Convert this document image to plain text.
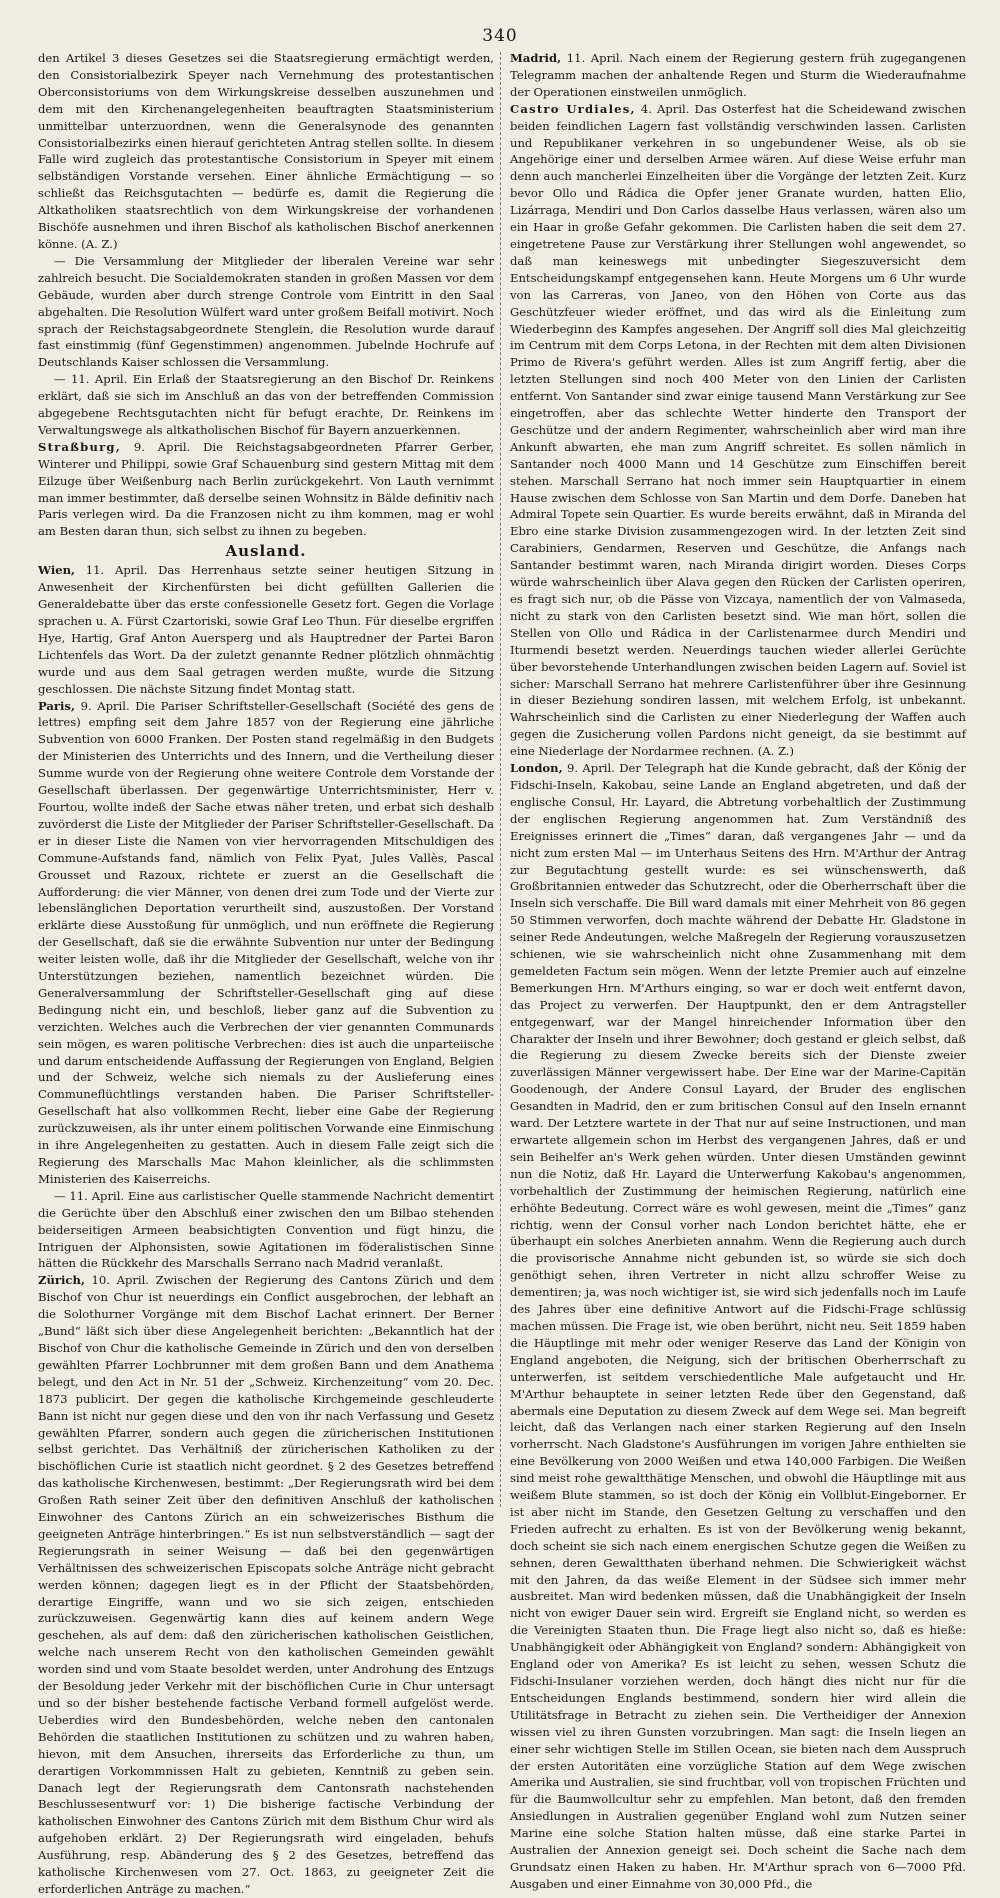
340

den Artikel 3 dieses Gesetzes sei die Staatsregierung ermächtigt werden, den Consistorialbezirk Speyer nach Vernehmung des protestantischen Oberconsistoriums von dem Wirkungskreise desselben auszunehmen und dem mit den Kirchenangelegenheiten beauftragten Staatsministerium unmittelbar unterzuordnen, wenn die Generalsynode des genannten Consistorialbezirks einen hierauf gerichteten Antrag stellen sollte. In diesem Falle wird zugleich das protestantische Consistorium in Speyer mit einem selbständigen Vorstande versehen. Einer ähnliche Ermächtigung — so schließt das Reichsgutachten — bedürfe es, damit die Regierung die Altkatholiken staatsrechtlich von dem Wirkungskreise der vorhandenen Bischöfe ausnehmen und ihren Bischof als katholischen Bischof anerkennen könne. (A. Z.)

— Die Versammlung der Mitglieder der liberalen Vereine war sehr zahlreich besucht. Die Socialdemokraten standen in großen Massen vor dem Gebäude, wurden aber durch strenge Controle vom Eintritt in den Saal abgehalten. Die Resolution Wülfert ward unter großem Beifall motivirt. Noch sprach der Reichstagsabgeordnete Stenglein, die Resolution wurde darauf fast einstimmig (fünf Gegenstimmen) angenommen. Jubelnde Hochrufe auf Deutschlands Kaiser schlossen die Versammlung.

— 11. April. Ein Erlaß der Staatsregierung an den Bischof Dr. Reinkens erklärt, daß sie sich im Anschluß an das von der betreffenden Commission abgegebene Rechtsgutachten nicht für befugt erachte, Dr. Reinkens im Verwaltungswege als altkatholischen Bischof für Bayern anzuerkennen.

Straßburg, 9. April. Die Reichstagsabgeordneten Pfarrer Gerber, Winterer und Philippi, sowie Graf Schauenburg sind gestern Mittag mit dem Eilzuge über Weißenburg nach Berlin zurückgekehrt. Von Lauth vernimmt man immer bestimmter, daß derselbe seinen Wohnsitz in Bälde definitiv nach Paris verlegen wird. Da die Franzosen nicht zu ihm kommen, mag er wohl am Besten daran thun, sich selbst zu ihnen zu begeben.

Ausland.

Wien, 11. April. Das Herrenhaus setzte seiner heutigen Sitzung in Anwesenheit der Kirchenfürsten bei dicht gefüllten Gallerien die Generaldebatte über das erste confessionelle Gesetz fort. Gegen die Vorlage sprachen u. A. Fürst Czartoriski, sowie Graf Leo Thun. Für dieselbe ergriffen Hye, Hartig, Graf Anton Auersperg und als Hauptredner der Partei Baron Lichtenfels das Wort. Da der zuletzt genannte Redner plötzlich ohnmächtig wurde und aus dem Saal getragen werden mußte, wurde die Sitzung geschlossen. Die nächste Sitzung findet Montag statt.

Paris, 9. April. Die Pariser Schriftsteller-Gesellschaft (Société des gens de lettres) empfing seit dem Jahre 1857 von der Regierung eine jährliche Subvention von 6000 Franken. Der Posten stand regelmäßig in den Budgets der Ministerien des Unterrichts und des Innern, und die Vertheilung dieser Summe wurde von der Regierung ohne weitere Controle dem Vorstande der Gesellschaft überlassen. Der gegenwärtige Unterrichtsminister, Herr v. Fourtou, wollte indeß der Sache etwas näher treten, und erbat sich deshalb zuvörderst die Liste der Mitglieder der Pariser Schriftsteller-Gesellschaft. Da er in dieser Liste die Namen von vier hervorragenden Mitschuldigen des Commune-Aufstands fand, nämlich von Felix Pyat, Jules Vallès, Pascal Grousset und Razoux, richtete er zuerst an die Gesellschaft die Aufforderung: die vier Männer, von denen drei zum Tode und der Vierte zur lebenslänglichen Deportation verurtheilt sind, auszustoßen. Der Vorstand erklärte diese Ausstoßung für unmöglich, und nun eröffnete die Regierung der Gesellschaft, daß sie die erwähnte Subvention nur unter der Bedingung weiter leisten wolle, daß ihr die Mitglieder der Gesellschaft, welche von ihr Unterstützungen beziehen, namentlich bezeichnet würden. Die Generalversammlung der Schriftsteller-Gesellschaft ging auf diese Bedingung nicht ein, und beschloß, lieber ganz auf die Subvention zu verzichten. Welches auch die Verbrechen der vier genannten Communards sein mögen, es waren politische Verbrechen: dies ist auch die unparteiische und darum entscheidende Auffassung der Regierungen von England, Belgien und der Schweiz, welche sich niemals zu der Auslieferung eines Communeflüchtlings verstanden haben. Die Pariser Schriftsteller-Gesellschaft hat also vollkommen Recht, lieber eine Gabe der Regierung zurückzuweisen, als ihr unter einem politischen Vorwande eine Einmischung in ihre Angelegenheiten zu gestatten. Auch in diesem Falle zeigt sich die Regierung des Marschalls Mac Mahon kleinlicher, als die schlimmsten Ministerien des Kaiserreichs.

— 11. April. Eine aus carlistischer Quelle stammende Nachricht dementirt die Gerüchte über den Abschluß einer zwischen den um Bilbao stehenden beiderseitigen Armeen beabsichtigten Convention und fügt hinzu, die Intriguen der Alphonsisten, sowie Agitationen im föderalistischen Sinne hätten die Rückkehr des Marschalls Serrano nach Madrid veranlaßt.

Zürich, 10. April. Zwischen der Regierung des Cantons Zürich und dem Bischof von Chur ist neuerdings ein Conflict ausgebrochen, der lebhaft an die Solothurner Vorgänge mit dem Bischof Lachat erinnert. Der Berner „Bund“ läßt sich über diese Angelegenheit berichten: „Bekanntlich hat der Bischof von Chur die katholische Gemeinde in Zürich und den von derselben gewählten Pfarrer Lochbrunner mit dem großen Bann und dem Anathema belegt, und den Act in Nr. 51 der „Schweiz. Kirchenzeitung“ vom 20. Dec. 1873 publicirt. Der gegen die katholische Kirchgemeinde geschleuderte Bann ist nicht nur gegen diese und den von ihr nach Verfassung und Gesetz gewählten Pfarrer, sondern auch gegen die züricherischen Institutionen selbst gerichtet. Das Verhältniß der züricherischen Katholiken zu der bischöflichen Curie ist staatlich nicht geordnet. § 2 des Gesetzes betreffend das katholische Kirchenwesen, bestimmt: „Der Regierungsrath wird bei dem Großen Rath seiner Zeit über den definitiven Anschluß der katholischen Einwohner des Cantons Zürich an ein schweizerisches Bisthum die geeigneten Anträge hinterbringen.“ Es ist nun selbstverständlich — sagt der Regierungsrath in seiner Weisung — daß bei den gegenwärtigen Verhältnissen des schweizerischen Episcopats solche Anträge nicht gebracht werden können; dagegen liegt es in der Pflicht der Staatsbehörden, derartige Eingriffe, wann und wo sie sich zeigen, entschieden zurückzuweisen. Gegenwärtig kann dies auf keinem andern Wege geschehen, als auf dem: daß den züricherischen katholischen Geistlichen, welche nach unserem Recht von den katholischen Gemeinden gewählt worden sind und vom Staate besoldet werden, unter Androhung des Entzugs der Besoldung jeder Verkehr mit der bischöflichen Curie in Chur untersagt und so der bisher bestehende factische Verband formell aufgelöst werde. Ueberdies wird den Bundesbehörden, welche neben den cantonalen Behörden die staatlichen Institutionen zu schützen und zu wahren haben, hievon, mit dem Ansuchen, ihrerseits das Erforderliche zu thun, um derartigen Vorkommnissen Halt zu gebieten, Kenntniß zu geben sein. Danach legt der Regierungsrath dem Cantonsrath nachstehenden Beschlussesentwurf vor: 1) Die bisherige factische Verbindung der katholischen Einwohner des Cantons Zürich mit dem Bisthum Chur wird als aufgehoben erklärt. 2) Der Regierungsrath wird eingeladen, behufs Ausführung, resp. Abänderung des § 2 des Gesetzes, betreffend das katholische Kirchenwesen vom 27. Oct. 1863, zu geeigneter Zeit die erforderlichen Anträge zu machen.“

Madrid, 11. April. Nach einem der Regierung gestern früh zugegangenen Telegramm machen der anhaltende Regen und Sturm die Wiederaufnahme der Operationen einstweilen unmöglich.

Castro Urdiales, 4. April. Das Osterfest hat die Scheidewand zwischen beiden feindlichen Lagern fast vollständig verschwinden lassen. Carlisten und Republikaner verkehren in so ungebundener Weise, als ob sie Angehörige einer und derselben Armee wären. Auf diese Weise erfuhr man denn auch mancherlei Einzelheiten über die Vorgänge der letzten Zeit. Kurz bevor Ollo und Rádica die Opfer jener Granate wurden, hatten Elio, Lizárraga, Mendiri und Don Carlos dasselbe Haus verlassen, wären also um ein Haar in große Gefahr gekommen. Die Carlisten haben die seit dem 27. eingetretene Pause zur Verstärkung ihrer Stellungen wohl angewendet, so daß man keineswegs mit unbedingter Siegeszuversicht dem Entscheidungskampf entgegensehen kann. Heute Morgens um 6 Uhr wurde von las Carreras, von Janeo, von den Höhen von Corte aus das Geschützfeuer wieder eröffnet, und das wird als die Einleitung zum Wiederbeginn des Kampfes angesehen. Der Angriff soll dies Mal gleichzeitig im Centrum mit dem Corps Letona, in der Rechten mit dem alten Divisionen Primo de Rivera's geführt werden. Alles ist zum Angriff fertig, aber die letzten Stellungen sind noch 400 Meter von den Linien der Carlisten entfernt. Von Santander sind zwar einige tausend Mann Verstärkung zur See eingetroffen, aber das schlechte Wetter hinderte den Transport der Geschütze und der andern Regimenter, wahrscheinlich aber wird man ihre Ankunft abwarten, ehe man zum Angriff schreitet. Es sollen nämlich in Santander noch 4000 Mann und 14 Geschütze zum Einschiffen bereit stehen. Marschall Serrano hat noch immer sein Hauptquartier in einem Hause zwischen dem Schlosse von San Martin und dem Dorfe. Daneben hat Admiral Topete sein Quartier. Es wurde bereits erwähnt, daß in Miranda del Ebro eine starke Division zusammengezogen wird. In der letzten Zeit sind Carabiniers, Gendarmen, Reserven und Geschütze, die Anfangs nach Santander bestimmt waren, nach Miranda dirigirt worden. Dieses Corps würde wahrscheinlich über Alava gegen den Rücken der Carlisten operiren, es fragt sich nur, ob die Pässe von Vizcaya, namentlich der von Valmaseda, nicht zu stark von den Carlisten besetzt sind. Wie man hört, sollen die Stellen von Ollo und Rádica in der Carlistenarmee durch Mendiri und Iturmendi besetzt werden. Neuerdings tauchen wieder allerlei Gerüchte über bevorstehende Unterhandlungen zwischen beiden Lagern auf. Soviel ist sicher: Marschall Serrano hat mehrere Carlistenführer über ihre Gesinnung in dieser Beziehung sondiren lassen, mit welchem Erfolg, ist unbekannt. Wahrscheinlich sind die Carlisten zu einer Niederlegung der Waffen auch gegen die Zusicherung vollen Pardons nicht geneigt, da sie bestimmt auf eine Niederlage der Nordarmee rechnen. (A. Z.)

London, 9. April. Der Telegraph hat die Kunde gebracht, daß der König der Fidschi-Inseln, Kakobau, seine Lande an England abgetreten, und daß der englische Consul, Hr. Layard, die Abtretung vorbehaltlich der Zustimmung der englischen Regierung angenommen hat. Zum Verständniß des Ereignisses erinnert die „Times“ daran, daß vergangenes Jahr — und da nicht zum ersten Mal — im Unterhaus Seitens des Hrn. M'Arthur der Antrag zur Begutachtung gestellt wurde: es sei wünschenswerth, daß Großbritannien entweder das Schutzrecht, oder die Oberherrschaft über die Inseln sich verschaffe. Die Bill ward damals mit einer Mehrheit von 86 gegen 50 Stimmen verworfen, doch machte während der Debatte Hr. Gladstone in seiner Rede Andeutungen, welche Maßregeln der Regierung vorauszusetzen schienen, wie sie wahrscheinlich nicht ohne Zusammenhang mit dem gemeldeten Factum sein mögen. Wenn der letzte Premier auch auf einzelne Bemerkungen Hrn. M'Arthurs einging, so war er doch weit entfernt davon, das Project zu verwerfen. Der Hauptpunkt, den er dem Antragsteller entgegenwarf, war der Mangel hinreichender Information über den Charakter der Inseln und ihrer Bewohner; doch gestand er gleich selbst, daß die Regierung zu diesem Zwecke bereits sich der Dienste zweier zuverlässigen Männer vergewissert habe. Der Eine war der Marine-Capitän Goodenough, der Andere Consul Layard, der Bruder des englischen Gesandten in Madrid, den er zum britischen Consul auf den Inseln ernannt ward. Der Letztere wartete in der That nur auf seine Instructionen, und man erwartete allgemein schon im Herbst des vergangenen Jahres, daß er und sein Beihelfer an's Werk gehen würden. Unter diesen Umständen gewinnt nun die Notiz, daß Hr. Layard die Unterwerfung Kakobau's angenommen, vorbehaltlich der Zustimmung der heimischen Regierung, natürlich eine erhöhte Bedeutung. Correct wäre es wohl gewesen, meint die „Times“ ganz richtig, wenn der Consul vorher nach London berichtet hätte, ehe er überhaupt ein solches Anerbieten annahm. Wenn die Regierung auch durch die provisorische Annahme nicht gebunden ist, so würde sie sich doch genöthigt sehen, ihren Vertreter in nicht allzu schroffer Weise zu dementiren; ja, was noch wichtiger ist, sie wird sich jedenfalls noch im Laufe des Jahres über eine definitive Antwort auf die Fidschi-Frage schlüssig machen müssen. Die Frage ist, wie oben berührt, nicht neu. Seit 1859 haben die Häuptlinge mit mehr oder weniger Reserve das Land der Königin von England angeboten, die Neigung, sich der britischen Oberherrschaft zu unterwerfen, ist seitdem verschiedentliche Male aufgetaucht und Hr. M'Arthur behauptete in seiner letzten Rede über den Gegenstand, daß abermals eine Deputation zu diesem Zweck auf dem Wege sei. Man begreift leicht, daß das Verlangen nach einer starken Regierung auf den Inseln vorherrscht. Nach Gladstone's Ausführungen im vorigen Jahre enthielten sie eine Bevölkerung von 2000 Weißen und etwa 140,000 Farbigen. Die Weißen sind meist rohe gewaltthätige Menschen, und obwohl die Häuptlinge mit aus weißem Blute stammen, so ist doch der König ein Vollblut-Eingeborner. Er ist aber nicht im Stande, den Gesetzen Geltung zu verschaffen und den Frieden aufrecht zu erhalten. Es ist von der Bevölkerung wenig bekannt, doch scheint sie sich nach einem energischen Schutze gegen die Weißen zu sehnen, deren Gewaltthaten überhand nehmen. Die Schwierigkeit wächst mit den Jahren, da das weiße Element in der Südsee sich immer mehr ausbreitet. Man wird bedenken müssen, daß die Unabhängigkeit der Inseln nicht von ewiger Dauer sein wird. Ergreift sie England nicht, so werden es die Vereinigten Staaten thun. Die Frage liegt also nicht so, daß es hieße: Unabhängigkeit oder Abhängigkeit von England? sondern: Abhängigkeit von England oder von Amerika? Es ist leicht zu sehen, wessen Schutz die Fidschi-Insulaner vorziehen werden, doch hängt dies nicht nur für die Entscheidungen Englands bestimmend, sondern hier wird allein die Utilitätsfrage in Betracht zu ziehen sein. Die Vertheidiger der Annexion wissen viel zu ihren Gunsten vorzubringen. Man sagt: die Inseln liegen an einer sehr wichtigen Stelle im Stillen Ocean, sie bieten nach dem Ausspruch der ersten Autoritäten eine vorzügliche Station auf dem Wege zwischen Amerika und Australien, sie sind fruchtbar, voll von tropischen Früchten und für die Baumwollcultur sehr zu empfehlen. Man betont, daß den fremden Ansiedlungen in Australien gegenüber England wohl zum Nutzen seiner Marine eine solche Station halten müsse, daß eine starke Partei in Australien der Annexion geneigt sei. Doch scheint die Sache nach dem Grundsatz einen Haken zu haben. Hr. M'Arthur sprach von 6—7000 Pfd. Ausgaben und einer Einnahme von 30,000 Pfd., die
